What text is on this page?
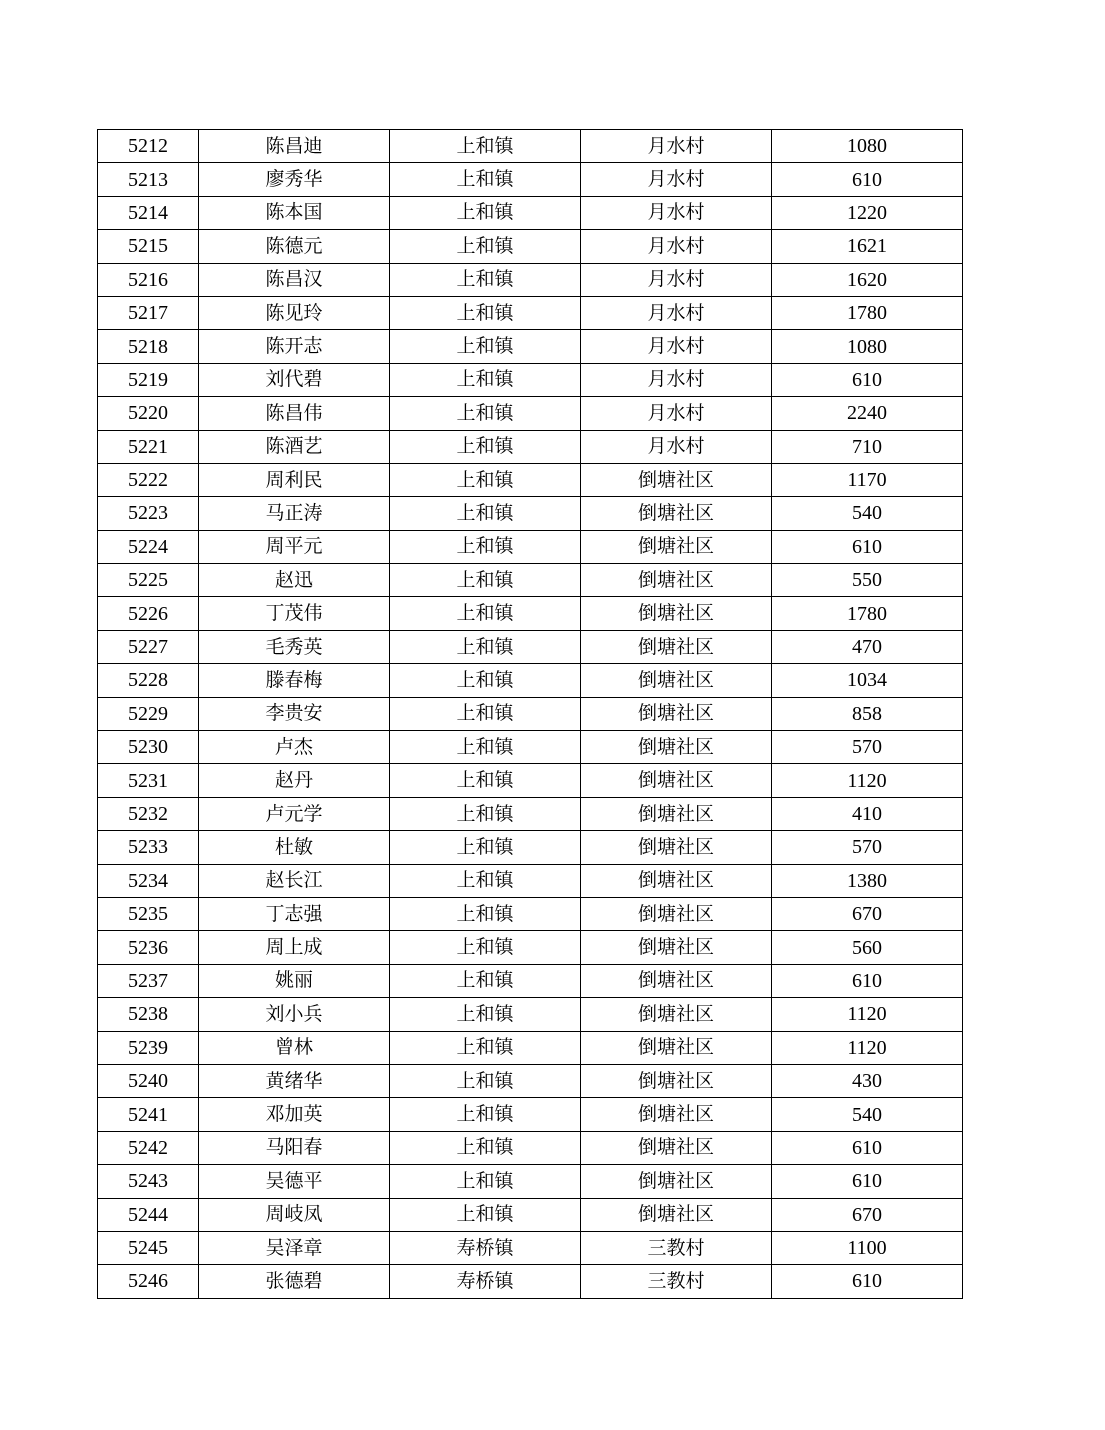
5212	陈昌迪	上和镇	月水村	1080
5213	廖秀华	上和镇	月水村	610
5214	陈本国	上和镇	月水村	1220
5215	陈德元	上和镇	月水村	1621
5216	陈昌汉	上和镇	月水村	1620
5217	陈见玲	上和镇	月水村	1780
5218	陈开志	上和镇	月水村	1080
5219	刘代碧	上和镇	月水村	610
5220	陈昌伟	上和镇	月水村	2240
5221	陈酒艺	上和镇	月水村	710
5222	周利民	上和镇	倒塘社区	1170
5223	马正涛	上和镇	倒塘社区	540
5224	周平元	上和镇	倒塘社区	610
5225	赵迅	上和镇	倒塘社区	550
5226	丁茂伟	上和镇	倒塘社区	1780
5227	毛秀英	上和镇	倒塘社区	470
5228	滕春梅	上和镇	倒塘社区	1034
5229	李贵安	上和镇	倒塘社区	858
5230	卢杰	上和镇	倒塘社区	570
5231	赵丹	上和镇	倒塘社区	1120
5232	卢元学	上和镇	倒塘社区	410
5233	杜敏	上和镇	倒塘社区	570
5234	赵长江	上和镇	倒塘社区	1380
5235	丁志强	上和镇	倒塘社区	670
5236	周上成	上和镇	倒塘社区	560
5237	姚丽	上和镇	倒塘社区	610
5238	刘小兵	上和镇	倒塘社区	1120
5239	曾林	上和镇	倒塘社区	1120
5240	黄绪华	上和镇	倒塘社区	430
5241	邓加英	上和镇	倒塘社区	540
5242	马阳春	上和镇	倒塘社区	610
5243	吴德平	上和镇	倒塘社区	610
5244	周岐凤	上和镇	倒塘社区	670
5245	吴泽章	寿桥镇	三教村	1100
5246	张德碧	寿桥镇	三教村	610
